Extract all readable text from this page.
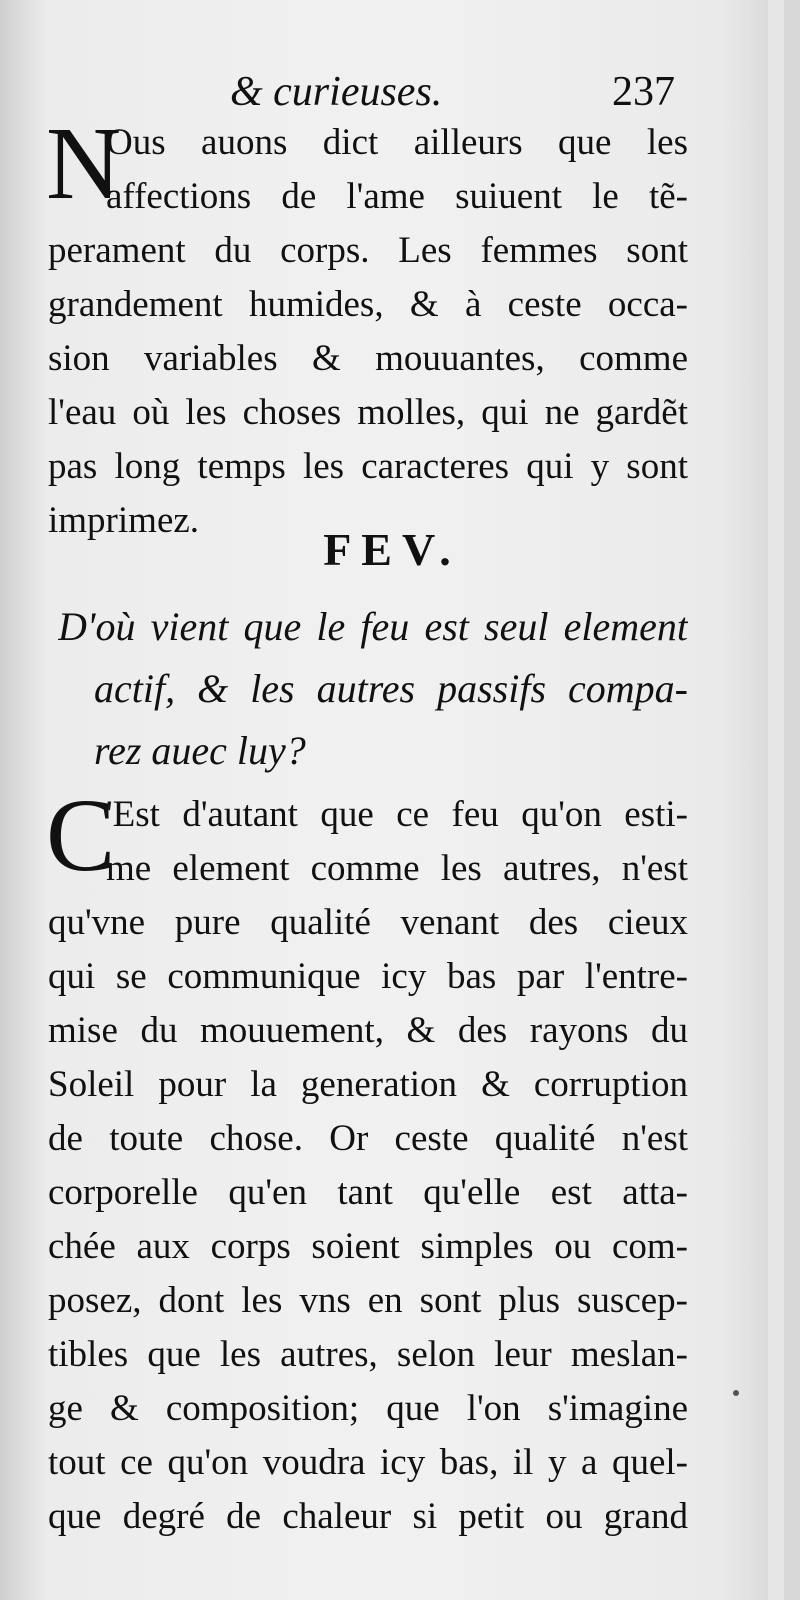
& curieuses.	237
N
Ous auons dict ailleurs que les
affections de l'ame suiuent le tẽ-
perament du corps. Les femmes sont
grandement humides, & à ceste occa-
sion variables & mouuantes, comme
l'eau où les choses molles, qui ne gardẽt
pas long temps les caracteres qui y sont
imprimez.
FEV.
D'où vient que le feu est seul element
actif, & les autres passifs compa-
rez auec luy?
C
'Est d'autant que ce feu qu'on esti-
me element comme les autres, n'est
qu'vne pure qualité venant des cieux
qui se communique icy bas par l'entre-
mise du mouuement, & des rayons du
Soleil pour la generation & corruption
de toute chose. Or ceste qualité n'est
corporelle qu'en tant qu'elle est atta-
chée aux corps soient simples ou com-
posez, dont les vns en sont plus suscep-
tibles que les autres, selon leur meslan-
ge & composition; que l'on s'imagine
tout ce qu'on voudra icy bas, il y a quel-
que degré de chaleur si petit ou grand
